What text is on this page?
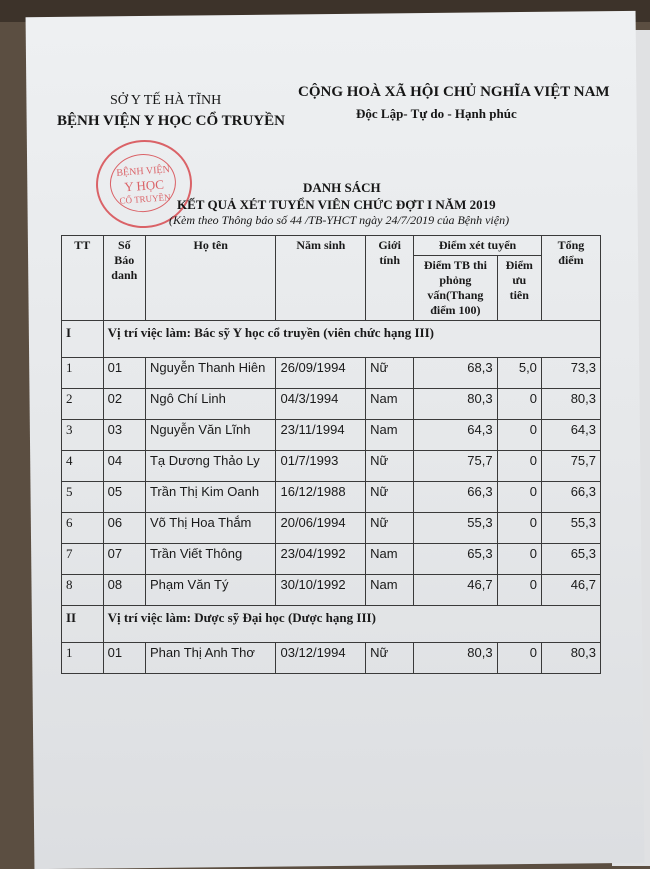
SỞ Y TẾ HÀ TĨNH
BỆNH VIỆN Y HỌC CỔ TRUYỀN
CỘNG HOÀ XÃ HỘI CHỦ NGHĨA VIỆT NAM
Độc Lập- Tự do - Hạnh phúc
BỆNH VIỆN
Y HỌC
CỔ TRUYỀN
DANH SÁCH
KẾT QUẢ XÉT TUYỂN VIÊN CHỨC ĐỢT I NĂM 2019
(Kèm theo Thông báo số 44 /TB-YHCT ngày 24/7/2019 của Bệnh viện)
TT	Số Báo danh	Họ tên	Năm sinh	Giới tính	Điểm xét tuyển		Tổng điểm
					Điểm TB thi phỏng vấn(Thang điểm 100)	Điểm ưu tiên	
I	Vị trí việc làm: Bác sỹ Y học cổ truyền (viên chức hạng III)						
1	01	Nguyễn Thanh Hiên	26/09/1994	Nữ	68,3	5,0	73,3
2	02	Ngô Chí Linh	04/3/1994	Nam	80,3	0	80,3
3	03	Nguyễn Văn Lĩnh	23/11/1994	Nam	64,3	0	64,3
4	04	Tạ Dương Thảo Ly	01/7/1993	Nữ	75,7	0	75,7
5	05	Trần Thị Kim Oanh	16/12/1988	Nữ	66,3	0	66,3
6	06	Võ Thị Hoa Thắm	20/06/1994	Nữ	55,3	0	55,3
7	07	Trần Viết Thông	23/04/1992	Nam	65,3	0	65,3
8	08	Phạm Văn Tý	30/10/1992	Nam	46,7	0	46,7
II	Vị trí việc làm: Dược sỹ Đại học (Dược hạng III)						
1	01	Phan Thị Anh Thơ	03/12/1994	Nữ	80,3	0	80,3
